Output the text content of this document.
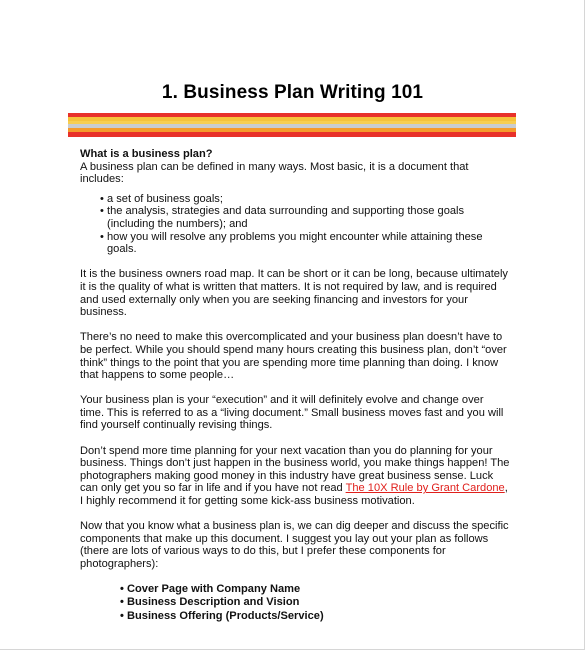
1. Business Plan Writing 101

What is a business plan?

A business plan can be defined in many ways. Most basic, it is a document that includes:

• a set of business goals;
• the analysis, strategies and data surrounding and supporting those goals (including the numbers); and
• how you will resolve any problems you might encounter while attaining these goals.

It is the business owners road map. It can be short or it can be long, because ultimately it is the quality of what is written that matters. It is not required by law, and is required and used externally only when you are seeking financing and investors for your business.

There’s no need to make this overcomplicated and your business plan doesn’t have to be perfect. While you should spend many hours creating this business plan, don’t “over think” things to the point that you are spending more time planning than doing. I know that happens to some people…

Your business plan is your “execution” and it will definitely evolve and change over time. This is referred to as a “living document.” Small business moves fast and you will find yourself continually revising things.

Don’t spend more time planning for your next vacation than you do planning for your business. Things don’t just happen in the business world, you make things happen! The photographers making good money in this industry have great business sense. Luck can only get you so far in life and if you have not read The 10X Rule by Grant Cardone, I highly recommend it for getting some kick-ass business motivation.

Now that you know what a business plan is, we can dig deeper and discuss the specific components that make up this document. I suggest you lay out your plan as follows (there are lots of various ways to do this, but I prefer these components for photographers):

• Cover Page with Company Name
• Business Description and Vision
• Business Offering (Products/Service)
